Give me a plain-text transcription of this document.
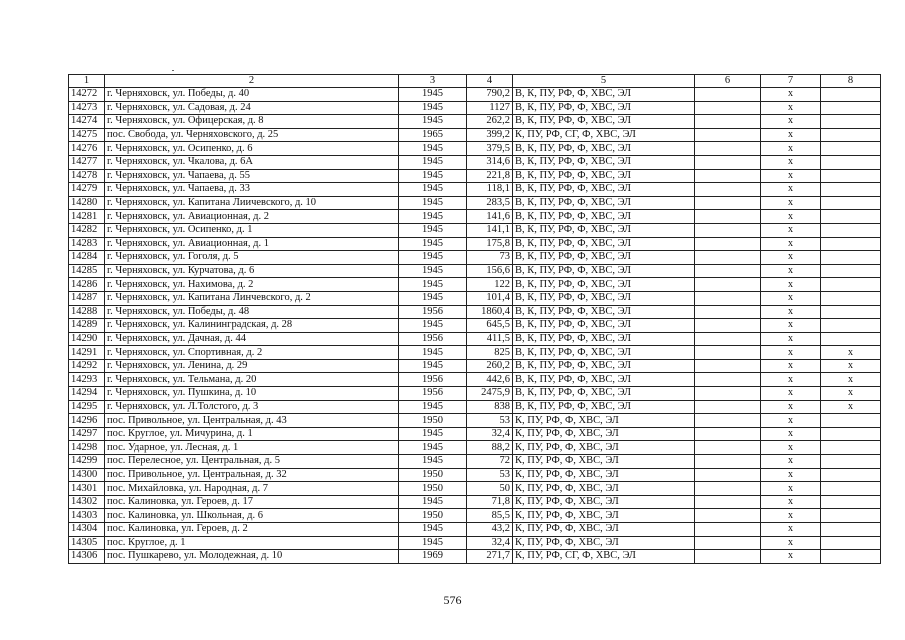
1	2	3	4	5	6	7	8
14272	г. Черняховск, ул. Победы, д. 40	1945	790,2	В, К, ПУ, РФ, Ф, ХВС, ЭЛ		х	
14273	г. Черняховск, ул. Садовая, д. 24	1945	1127	В, К, ПУ, РФ, Ф, ХВС, ЭЛ		х	
14274	г. Черняховск, ул. Офицерская, д. 8	1945	262,2	В, К, ПУ, РФ, Ф, ХВС, ЭЛ		х	
14275	пос. Свобода, ул. Черняховского, д. 25	1965	399,2	К, ПУ, РФ, СГ, Ф, ХВС, ЭЛ		х	
14276	г. Черняховск, ул. Осипенко, д. 6	1945	379,5	В, К, ПУ, РФ, Ф, ХВС, ЭЛ		х	
14277	г. Черняховск, ул. Чкалова, д. 6А	1945	314,6	В, К, ПУ, РФ, Ф, ХВС, ЭЛ		х	
14278	г. Черняховск, ул. Чапаева, д. 55	1945	221,8	В, К, ПУ, РФ, Ф, ХВС, ЭЛ		х	
14279	г. Черняховск, ул. Чапаева, д. 33	1945	118,1	В, К, ПУ, РФ, Ф, ХВС, ЭЛ		х	
14280	г. Черняховск, ул. Капитана Лиичевского, д. 10	1945	283,5	В, К, ПУ, РФ, Ф, ХВС, ЭЛ		х	
14281	г. Черняховск, ул. Авиационная, д. 2	1945	141,6	В, К, ПУ, РФ, Ф, ХВС, ЭЛ		х	
14282	г. Черняховск, ул. Осипенко, д. 1	1945	141,1	В, К, ПУ, РФ, Ф, ХВС, ЭЛ		х	
14283	г. Черняховск, ул. Авиационная, д. 1	1945	175,8	В, К, ПУ, РФ, Ф, ХВС, ЭЛ		х	
14284	г. Черняховск, ул. Гоголя, д. 5	1945	73	В, К, ПУ, РФ, Ф, ХВС, ЭЛ		х	
14285	г. Черняховск, ул. Курчатова, д. 6	1945	156,6	В, К, ПУ, РФ, Ф, ХВС, ЭЛ		х	
14286	г. Черняховск, ул. Нахимова, д. 2	1945	122	В, К, ПУ, РФ, Ф, ХВС, ЭЛ		х	
14287	г. Черняховск, ул. Капитана Линчевского, д. 2	1945	101,4	В, К, ПУ, РФ, Ф, ХВС, ЭЛ		х	
14288	г. Черняховск, ул. Победы, д. 48	1956	1860,4	В, К, ПУ, РФ, Ф, ХВС, ЭЛ		х	
14289	г. Черняховск, ул. Калининградская, д. 28	1945	645,5	В, К, ПУ, РФ, Ф, ХВС, ЭЛ		х	
14290	г. Черняховск, ул. Дачная, д. 44	1956	411,5	В, К, ПУ, РФ, Ф, ХВС, ЭЛ		х	
14291	г. Черняховск, ул. Спортивная, д. 2	1945	825	В, К, ПУ, РФ, Ф, ХВС, ЭЛ		х	х
14292	г. Черняховск, ул. Ленина, д. 29	1945	260,2	В, К, ПУ, РФ, Ф, ХВС, ЭЛ		х	х
14293	г. Черняховск, ул. Тельмана, д. 20	1956	442,6	В, К, ПУ, РФ, Ф, ХВС, ЭЛ		х	х
14294	г. Черняховск, ул. Пушкина, д. 10	1956	2475,9	В, К, ПУ, РФ, Ф, ХВС, ЭЛ		х	х
14295	г. Черняховск, ул. Л.Толстого, д. 3	1945	838	В, К, ПУ, РФ, Ф, ХВС, ЭЛ		х	х
14296	пос. Привольное, ул. Центральная, д. 43	1950	53	К, ПУ, РФ, Ф, ХВС, ЭЛ		х	
14297	пос. Круглое, ул. Мичурина, д. 1	1945	32,4	К, ПУ, РФ, Ф, ХВС, ЭЛ		х	
14298	пос. Ударное, ул. Лесная, д. 1	1945	88,2	К, ПУ, РФ, Ф, ХВС, ЭЛ		х	
14299	пос. Перелесное, ул. Центральная, д. 5	1945	72	К, ПУ, РФ, Ф, ХВС, ЭЛ		х	
14300	пос. Привольное, ул. Центральная, д. 32	1950	53	К, ПУ, РФ, Ф, ХВС, ЭЛ		х	
14301	пос. Михайловка, ул. Народная, д. 7	1950	50	К, ПУ, РФ, Ф, ХВС, ЭЛ		х	
14302	пос. Калиновка, ул. Героев, д. 17	1945	71,8	К, ПУ, РФ, Ф, ХВС, ЭЛ		х	
14303	пос. Калиновка, ул. Школьная, д. 6	1950	85,5	К, ПУ, РФ, Ф, ХВС, ЭЛ		х	
14304	пос. Калиновка, ул. Героев, д. 2	1945	43,2	К, ПУ, РФ, Ф, ХВС, ЭЛ		х	
14305	пос. Круглое, д. 1	1945	32,4	К, ПУ, РФ, Ф, ХВС, ЭЛ		х	
14306	пос. Пушкарево, ул. Молодежная, д. 10	1969	271,7	К, ПУ, РФ, СГ, Ф, ХВС, ЭЛ		х	
576
